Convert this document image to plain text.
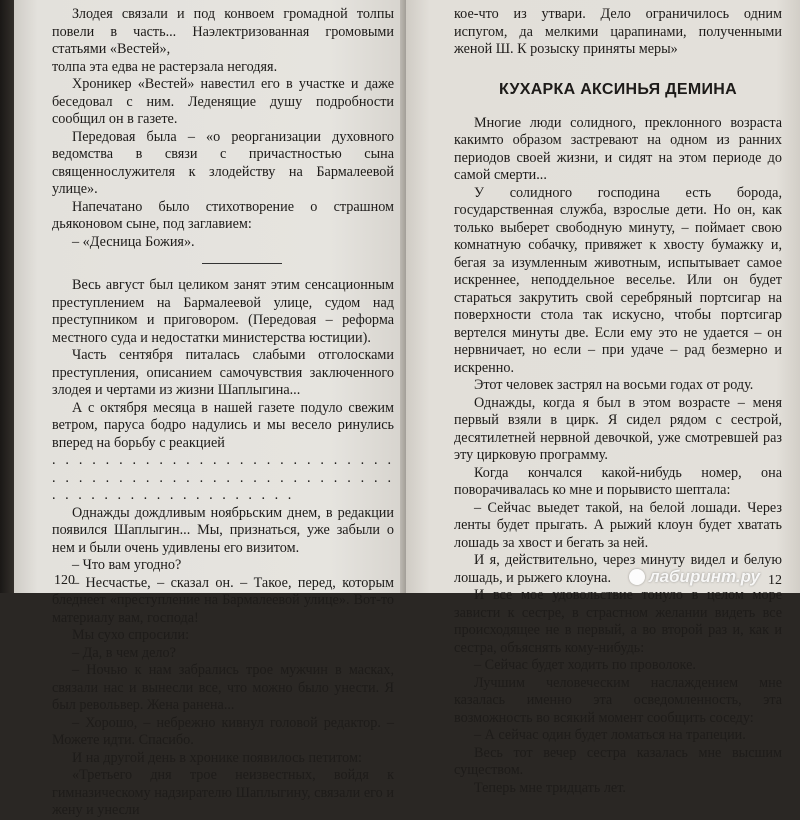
Злодея связали и под конвоем громадной толпы повели в часть... Наэлектризованная громовыми статьями «Вестей»,
толпа эта едва не растерзала негодяя.

Хроникер «Вестей» навестил его в участке и даже беседовал с ним. Леденящие душу подробности сообщил он в газете.

Передовая была – «о реорганизации духовного ведомства в связи с причастностью сына священнослужителя к злодейству на Бармалеевой улице».

Напечатано было стихотворение о страшном дьяконовом сыне, под заглавием:

– «Десница Божия».

Весь август был целиком занят этим сенсационным преступлением на Бармалеевой улице, судом над преступником и приговором. (Передовая – реформа местного суда и недостатки министерства юстиции).

Часть сентября питалась слабыми отголосками преступления, описанием самочувствия заключенного злодея и чертами из жизни Шаплыгина...

А с октября месяца в нашей газете подуло свежим ветром, паруса бодро надулись и мы весело ринулись вперед на борьбу с реакцией

. . . . . . . . . . . . . . . . . . . . . . . . . . . . . . . . . . . . . . . . . . . . . . . . . . . . . . . . . . . . . . . . . . . . . . .

Однажды дождливым ноябрьским днем, в редакции появился Шаплыгин... Мы, признаться, уже забыли о нем и были очень удивлены его визитом.

– Что вам угодно?

– Несчастье, – сказал он. – Такое, перед, которым бледнеет «преступление на Бармалеевой улице». Вот-то материалу вам, господа!

Мы сухо спросили:

– Да, в чем дело?

– Ночью к нам забрались трое мужчин в масках, связали нас и вынесли все, что можно было унести. Я был револьвер. Жена ранена...

– Хорошо, – небрежно кивнул головой редактор. – Можете идти. Спасибо.

И на другой день в хронике появилось петитом:

«Третьего дня трое неизвестных, войдя к гимназическому надзирателю Шаплыгину, связали его и жену и унесли

120

кое-что из утвари. Дело ограничилось одним испугом, да мелкими царапинами, полученными женой Ш. К розыску приняты меры»

КУХАРКА АКСИНЬЯ ДЕМИНА

Многие люди солидного, преклонного возраста какимто образом застревают на одном из ранних периодов своей жизни, и сидят на этом периоде до самой смерти...

У солидного господина есть борода, государственная служба, взрослые дети. Но он, как только выберет свободную минуту, – поймает свою комнатную собачку, привяжет к хвосту бумажку и, бегая за изумленным животным, испытывает самое искреннее, неподдельное веселье. Или он будет стараться закрутить свой серебряный портсигар на поверхности стола так искусно, чтобы портсигар вертелся минуты две. Если ему это не удается – он нервничает, но если – при удаче – рад безмерно и искренно.

Этот человек застрял на восьми годах от роду.

Однажды, когда я был в этом возрасте – меня первый взяли в цирк. Я сидел рядом с сестрой, десятилетней нервной девочкой, уже смотревшей раз эту цирковую программу.

Когда кончался какой-нибудь номер, она поворачивалась ко мне и порывисто шептала:

– Сейчас выедет такой, на белой лошади. Через ленты будет прыгать. А рыжий клоун будет хватать лошадь за хвост и бегать за ней.

И я, действительно, через минуту видел и белую лошадь, и рыжего клоуна.

И все мое удовольствие тонуло в целом море зависти к сестре, в страстном желании видеть все происходящее не в первый, а во второй раз и, как и сестра, объяснять кому-нибудь:

– Сейчас будет ходить по проволоке.

Лучшим человеческим наслаждением мне казалась именно эта осведомленность, эта возможность во всякий момент сообщить соседу:

– А сейчас один будет ломаться на трапеции.

Весь тот вечер сестра казалась мне высшим существом.

Теперь мне тридцать лет.

12
лабиринт.ру
